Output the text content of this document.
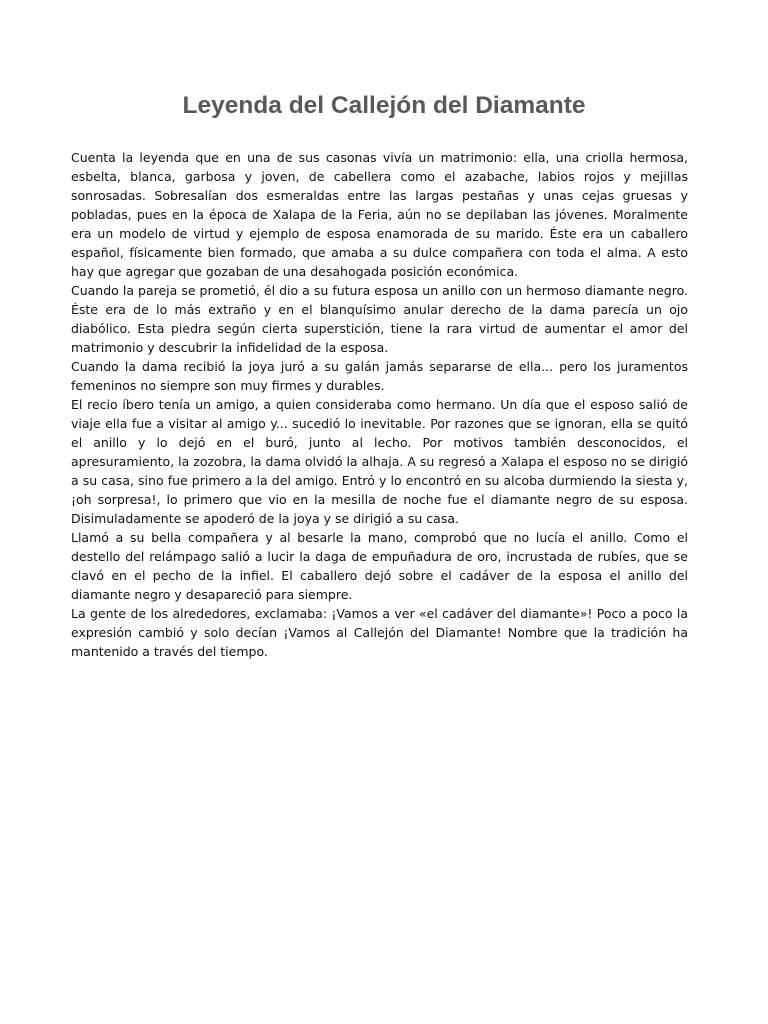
Leyenda del Callejón del Diamante

Cuenta la leyenda que en una de sus casonas vivía un matrimonio: ella, una criolla hermosa, esbelta, blanca, garbosa y joven, de cabellera como el azabache, labios rojos y mejillas sonrosadas. Sobresalían dos esmeraldas entre las largas pestañas y unas cejas gruesas y pobladas, pues en la época de Xalapa de la Feria, aún no se depilaban las jóvenes. Moralmente era un modelo de virtud y ejemplo de esposa enamorada de su marido. Éste era un caballero español, físicamente bien formado, que amaba a su dulce compañera con toda el alma. A esto hay que agregar que gozaban de una desahogada posición económica.

Cuando la pareja se prometió, él dio a su futura esposa un anillo con un hermoso diamante negro. Éste era de lo más extraño y en el blanquísimo anular derecho de la dama parecía un ojo diabólico. Esta piedra según cierta superstición, tiene la rara virtud de aumentar el amor del matrimonio y descubrir la infidelidad de la esposa.

Cuando la dama recibió la joya juró a su galán jamás separarse de ella... pero los juramentos femeninos no siempre son muy firmes y durables.

El recio íbero tenía un amigo, a quien consideraba como hermano. Un día que el esposo salió de viaje ella fue a visitar al amigo y... sucedió lo inevitable. Por razones que se ignoran, ella se quitó el anillo y lo dejó en el buró, junto al lecho. Por motivos también desconocidos, el apresuramiento, la zozobra, la dama olvidó la alhaja. A su regresó a Xalapa el esposo no se dirigió a su casa, sino fue primero a la del amigo. Entró y lo encontró en su alcoba durmiendo la siesta y, ¡oh sorpresa!, lo primero que vio en la mesilla de noche fue el diamante negro de su esposa. Disimuladamente se apoderó de la joya y se dirigió a su casa.

Llamó a su bella compañera y al besarle la mano, comprobó que no lucía el anillo. Como el destello del relámpago salió a lucir la daga de empuñadura de oro, incrustada de rubíes, que se clavó en el pecho de la infiel. El caballero dejó sobre el cadáver de la esposa el anillo del diamante negro y desapareció para siempre.

La gente de los alrededores, exclamaba: ¡Vamos a ver «el cadáver del diamante»! Poco a poco la expresión cambió y solo decían ¡Vamos al Callejón del Diamante! Nombre que la tradición ha mantenido a través del tiempo.
